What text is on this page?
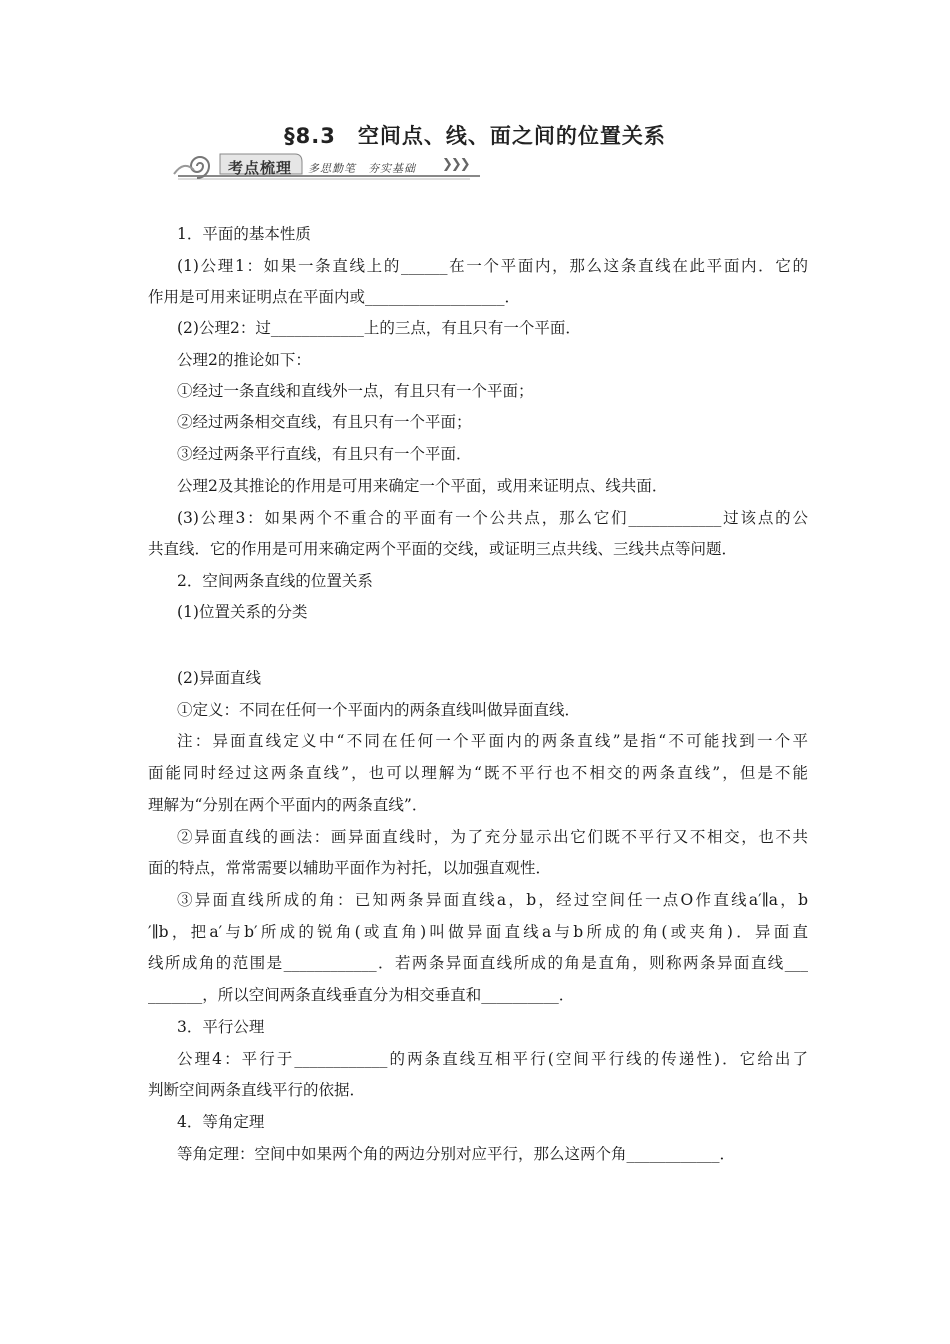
§8.3　空间点、线、面之间的位置关系
考点梳理 多思勤笔　夯实基础 ❯❯❯
1．平面的基本性质
(1)公理1：如果一条直线上的______在一个平面内，那么这条直线在此平面内．它的
作用是可用来证明点在平面内或__________________．
(2)公理2：过____________上的三点，有且只有一个平面．
公理2的推论如下：
①经过一条直线和直线外一点，有且只有一个平面；
②经过两条相交直线，有且只有一个平面；
③经过两条平行直线，有且只有一个平面．
公理2及其推论的作用是可用来确定一个平面，或用来证明点、线共面．
(3)公理3：如果两个不重合的平面有一个公共点，那么它们____________过该点的公
共直线．它的作用是可用来确定两个平面的交线，或证明三点共线、三线共点等问题．
2．空间两条直线的位置关系
(1)位置关系的分类
(2)异面直线
①定义：不同在任何一个平面内的两条直线叫做异面直线．
注：异面直线定义中“不同在任何一个平面内的两条直线”是指“不可能找到一个平
面能同时经过这两条直线”，也可以理解为“既不平行也不相交的两条直线”，但是不能
理解为“分别在两个平面内的两条直线”．
②异面直线的画法：画异面直线时，为了充分显示出它们既不平行又不相交，也不共
面的特点，常常需要以辅助平面作为衬托，以加强直观性．
③异面直线所成的角：已知两条异面直线a，b，经过空间任一点O作直线a′∥a，b
′∥b，把a′与b′所成的锐角(或直角)叫做异面直线a与b所成的角(或夹角)．异面直
线所成角的范围是____________．若两条异面直线所成的角是直角，则称两条异面直线___
_______，所以空间两条直线垂直分为相交垂直和__________．
3．平行公理
公理4：平行于____________的两条直线互相平行(空间平行线的传递性)．它给出了
判断空间两条直线平行的依据．
4．等角定理
等角定理：空间中如果两个角的两边分别对应平行，那么这两个角____________．
